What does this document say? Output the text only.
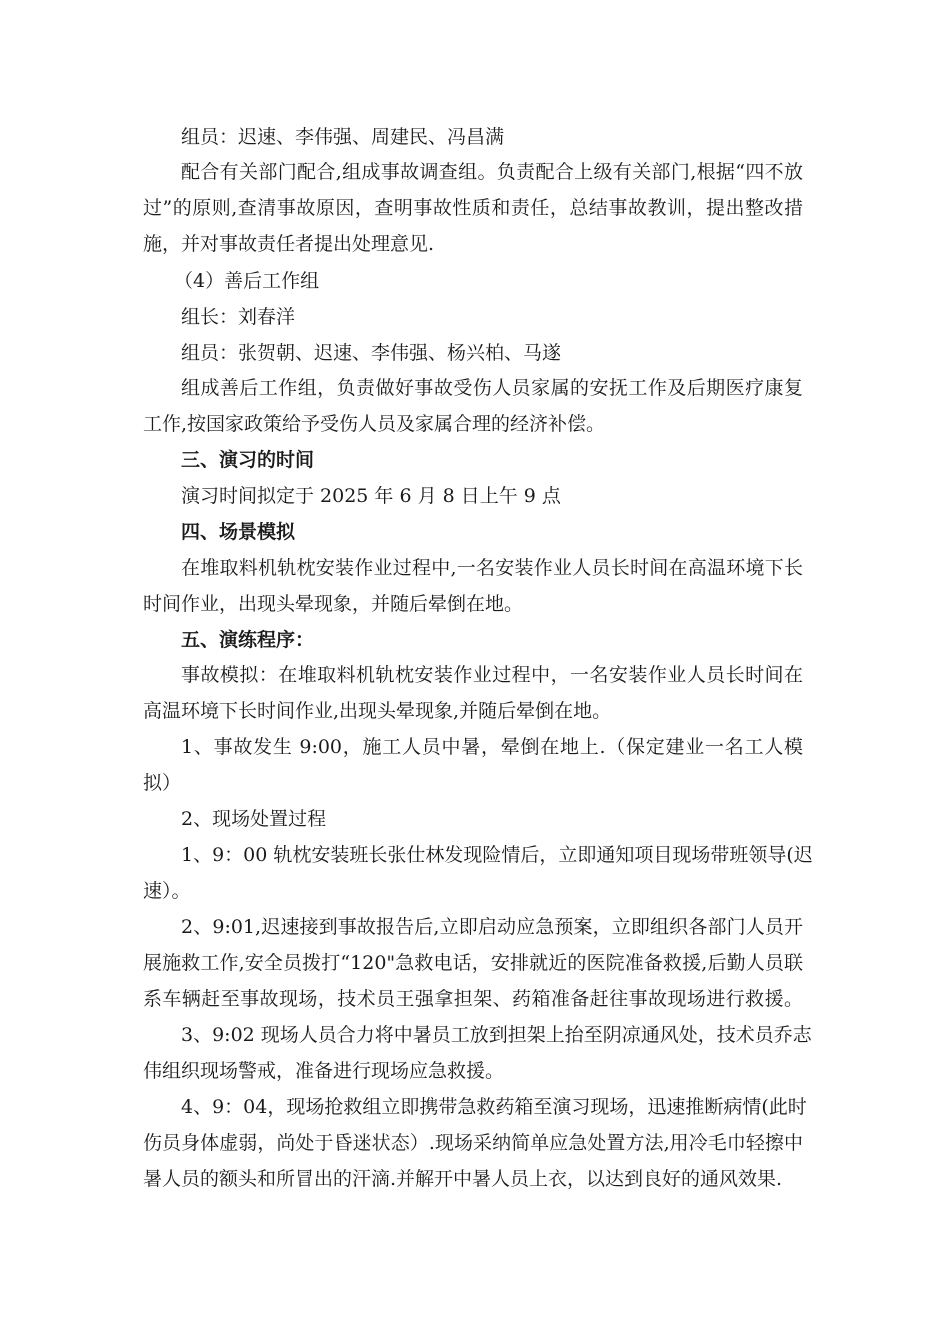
组员：迟速、李伟强、周建民、冯昌满
配合有关部门配合,组成事故调查组。负责配合上级有关部门,根据“四不放
过”的原则,查清事故原因，查明事故性质和责任，总结事故教训，提出整改措
施，并对事故责任者提出处理意见.
（4）善后工作组
组长：刘春洋
组员：张贺朝、迟速、李伟强、杨兴柏、马遂
组成善后工作组，负责做好事故受伤人员家属的安抚工作及后期医疗康复
工作,按国家政策给予受伤人员及家属合理的经济补偿。
三、演习的时间
演习时间拟定于 2025 年 6 月 8 日上午 9 点
四、场景模拟
在堆取料机轨枕安装作业过程中,一名安装作业人员长时间在高温环境下长
时间作业，出现头晕现象，并随后晕倒在地。
五、演练程序：
事故模拟：在堆取料机轨枕安装作业过程中，一名安装作业人员长时间在
高温环境下长时间作业,出现头晕现象,并随后晕倒在地。
1、事故发生 9:00，施工人员中暑，晕倒在地上.（保定建业一名工人模
拟）
2、现场处置过程
1、9：00 轨枕安装班长张仕林发现险情后，立即通知项目现场带班领导(迟
速）。
2、9:01,迟速接到事故报告后,立即启动应急预案，立即组织各部门人员开
展施救工作,安全员拨打“120"急救电话，安排就近的医院准备救援,后勤人员联
系车辆赶至事故现场，技术员王强拿担架、药箱准备赶往事故现场进行救援。
3、9:02 现场人员合力将中暑员工放到担架上抬至阴凉通风处，技术员乔志
伟组织现场警戒，准备进行现场应急救援。
4、9：04，现场抢救组立即携带急救药箱至演习现场，迅速推断病情(此时
伤员身体虚弱，尚处于昏迷状态）.现场采纳简单应急处置方法,用冷毛巾轻擦中
暑人员的额头和所冒出的汗滴.并解开中暑人员上衣，以达到良好的通风效果.
